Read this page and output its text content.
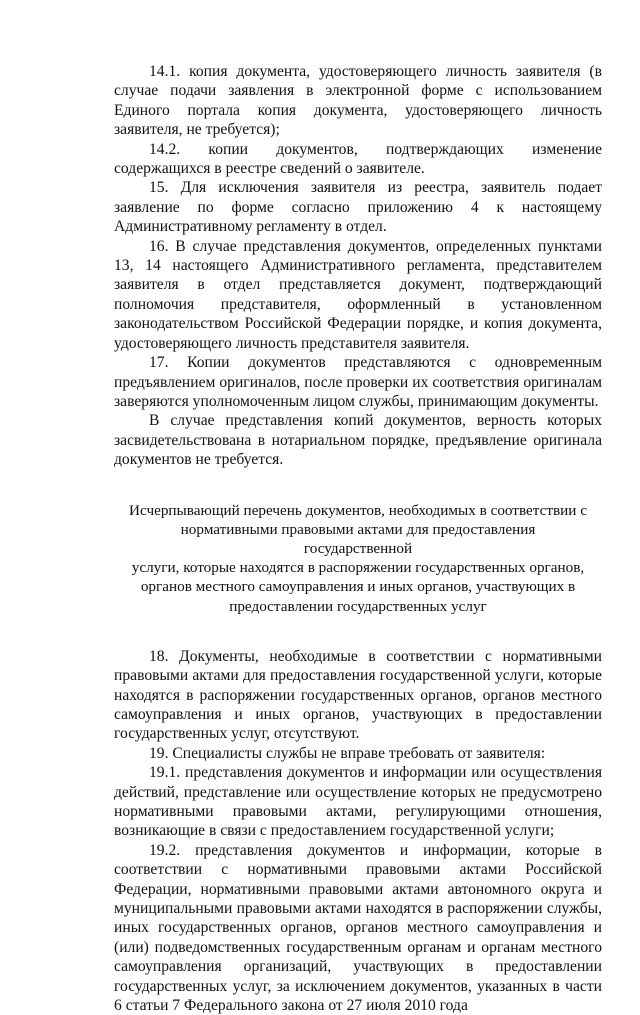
14.1. копия документа, удостоверяющего личность заявителя (в случае подачи заявления в электронной форме с использованием Единого портала копия документа, удостоверяющего личность заявителя, не требуется);

14.2. копии документов, подтверждающих изменение содержащихся в реестре сведений о заявителе.

15. Для исключения заявителя из реестра, заявитель подает заявление по форме согласно приложению 4 к настоящему Административному регламенту в отдел.

16. В случае представления документов, определенных пунктами 13, 14 настоящего Административного регламента, представителем заявителя в отдел представляется документ, подтверждающий полномочия представителя, оформленный в установленном законодательством Российской Федерации порядке, и копия документа, удостоверяющего личность представителя заявителя.

17. Копии документов представляются с одновременным предъявлением оригиналов, после проверки их соответствия оригиналам заверяются уполномоченным лицом службы, принимающим документы.

В случае представления копий документов, верность которых засвидетельствована в нотариальном порядке, предъявление оригинала документов не требуется.

Исчерпывающий перечень документов, необходимых в соответствии с
нормативными правовыми актами для предоставления государственной
услуги, которые находятся в распоряжении государственных органов,
органов местного самоуправления и иных органов, участвующих в
предоставлении государственных услуг

18. Документы, необходимые в соответствии с нормативными правовыми актами для предоставления государственной услуги, которые находятся в распоряжении государственных органов, органов местного самоуправления и иных органов, участвующих в предоставлении государственных услуг, отсутствуют.

19. Специалисты службы не вправе требовать от заявителя:

19.1. представления документов и информации или осуществления действий, представление или осуществление которых не предусмотрено нормативными правовыми актами, регулирующими отношения, возникающие в связи с предоставлением государственной услуги;

19.2. представления документов и информации, которые в соответствии с нормативными правовыми актами Российской Федерации, нормативными правовыми актами автономного округа и муниципальными правовыми актами находятся в распоряжении службы, иных государственных органов, органов местного самоуправления и (или) подведомственных государственным органам и органам местного самоуправления организаций, участвующих в предоставлении государственных услуг, за исключением документов, указанных в части 6 статьи 7 Федерального закона от 27 июля 2010 года
